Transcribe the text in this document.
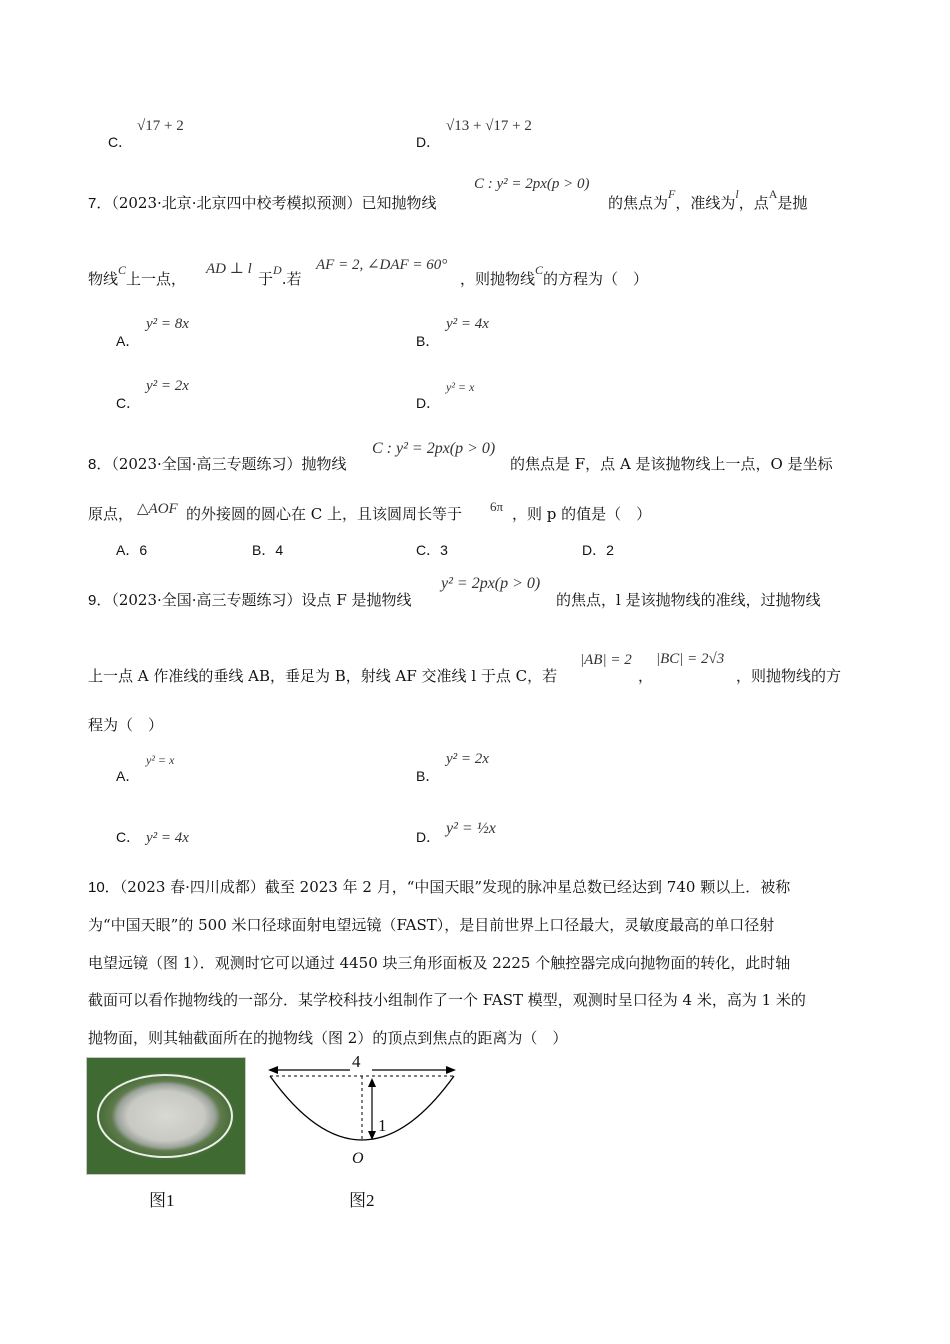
C．
√17 + 2
D．
√13 + √17 + 2
7．（2023·北京·北京四中校考模拟预测）已知抛物线
C : y² = 2px(p > 0)
的焦点为$^F$，准线为$^l$，点$^A$是抛
物线$^C$上一点，
AD ⊥ l
于$^D$.若
AF = 2, ∠DAF = 60°
，则抛物线$^C$的方程为（　）
A．
y² = 8x
B．
y² = 4x
C．
y² = 2x
D．
y² = x
8．（2023·全国·高三专题练习）抛物线
C : y² = 2px(p > 0)
的焦点是 F，点 A 是该抛物线上一点，O 是坐标
原点， △AOF 的外接圆的圆心在 C 上，且该圆周长等于 6π ，则 p 的值是（　）
A．6	B．4	C．3	D．2
9．（2023·全国·高三专题练习）设点 F 是抛物线
y² = 2px(p > 0)
的焦点，l 是该抛物线的准线，过抛物线
上一点 A 作准线的垂线 AB，垂足为 B，射线 AF 交准线 l 于点 C，若
|AB| = 2
，
|BC| = 2√3
，则抛物线的方
程为（　）
A．
y² = x
B．
y² = 2x
C． y² = 4x	D． y² = ½x
10．（2023 春·四川成都）截至 2023 年 2 月，“中国天眼”发现的脉冲星总数已经达到 740 颗以上．被称
为“中国天眼”的 500 米口径球面射电望远镜（FAST），是目前世界上口径最大，灵敏度最高的单口径射
电望远镜（图 1）．观测时它可以通过 4450 块三角形面板及 2225 个触控器完成向抛物面的转化，此时轴
截面可以看作抛物线的一部分．某学校科技小组制作了一个 FAST 模型，观测时呈口径为 4 米，高为 1 米的
抛物面，则其轴截面所在的抛物线（图 2）的顶点到焦点的距离为（　）
图1
4
1
O
图2
